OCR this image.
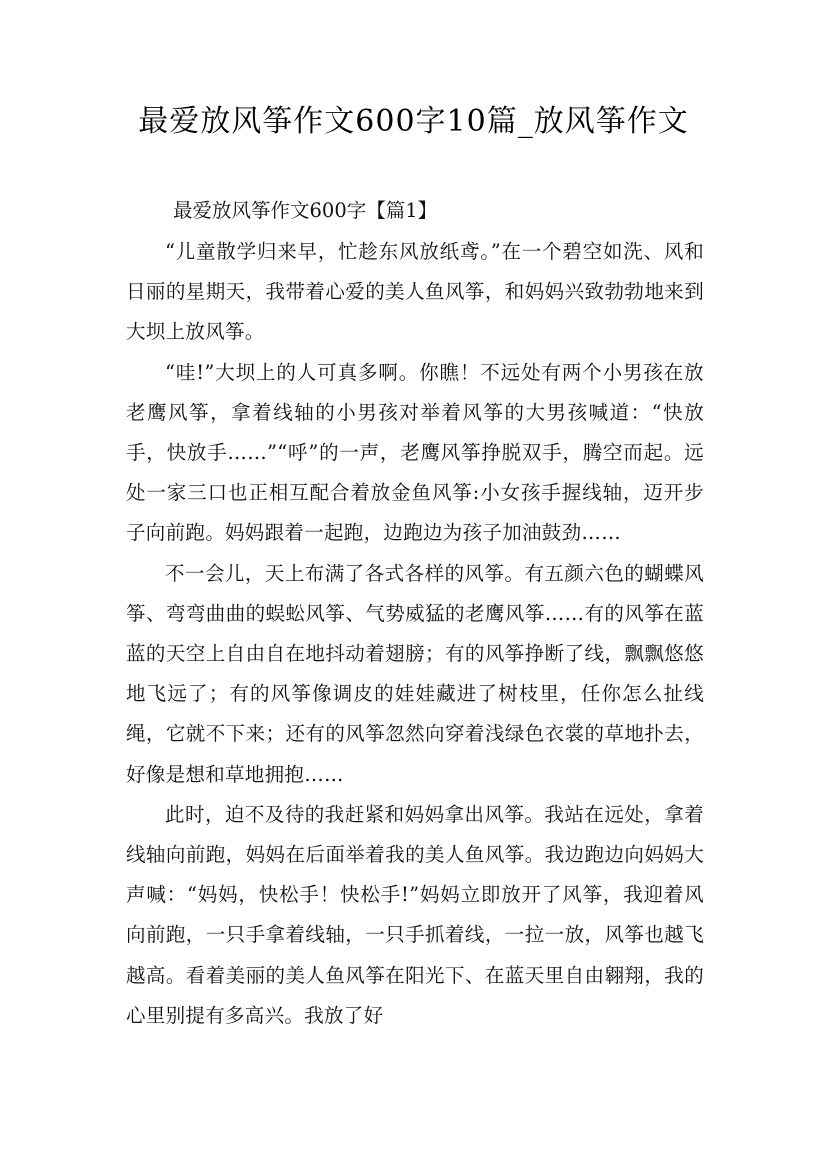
最爱放风筝作文600字10篇_放风筝作文
最爱放风筝作文600字【篇1】

“儿童散学归来早，忙趁东风放纸鸢。”在一个碧空如洗、风和日丽的星期天，我带着心爱的美人鱼风筝，和妈妈兴致勃勃地来到大坝上放风筝。

“哇!”大坝上的人可真多啊。你瞧！不远处有两个小男孩在放老鹰风筝，拿着线轴的小男孩对举着风筝的大男孩喊道：“快放手，快放手……”“呼”的一声，老鹰风筝挣脱双手，腾空而起。远处一家三口也正相互配合着放金鱼风筝:小女孩手握线轴，迈开步子向前跑。妈妈跟着一起跑，边跑边为孩子加油鼓劲……

不一会儿，天上布满了各式各样的风筝。有五颜六色的蝴蝶风筝、弯弯曲曲的蜈蚣风筝、气势威猛的老鹰风筝……有的风筝在蓝蓝的天空上自由自在地抖动着翅膀；有的风筝挣断了线，飘飘悠悠地飞远了；有的风筝像调皮的娃娃藏进了树枝里，任你怎么扯线绳，它就不下来；还有的风筝忽然向穿着浅绿色衣裳的草地扑去，好像是想和草地拥抱……

此时，迫不及待的我赶紧和妈妈拿出风筝。我站在远处，拿着线轴向前跑，妈妈在后面举着我的美人鱼风筝。我边跑边向妈妈大声喊：“妈妈，快松手！快松手!”妈妈立即放开了风筝，我迎着风向前跑，一只手拿着线轴，一只手抓着线，一拉一放，风筝也越飞越高。看着美丽的美人鱼风筝在阳光下、在蓝天里自由翱翔，我的心里别提有多高兴。我放了好
